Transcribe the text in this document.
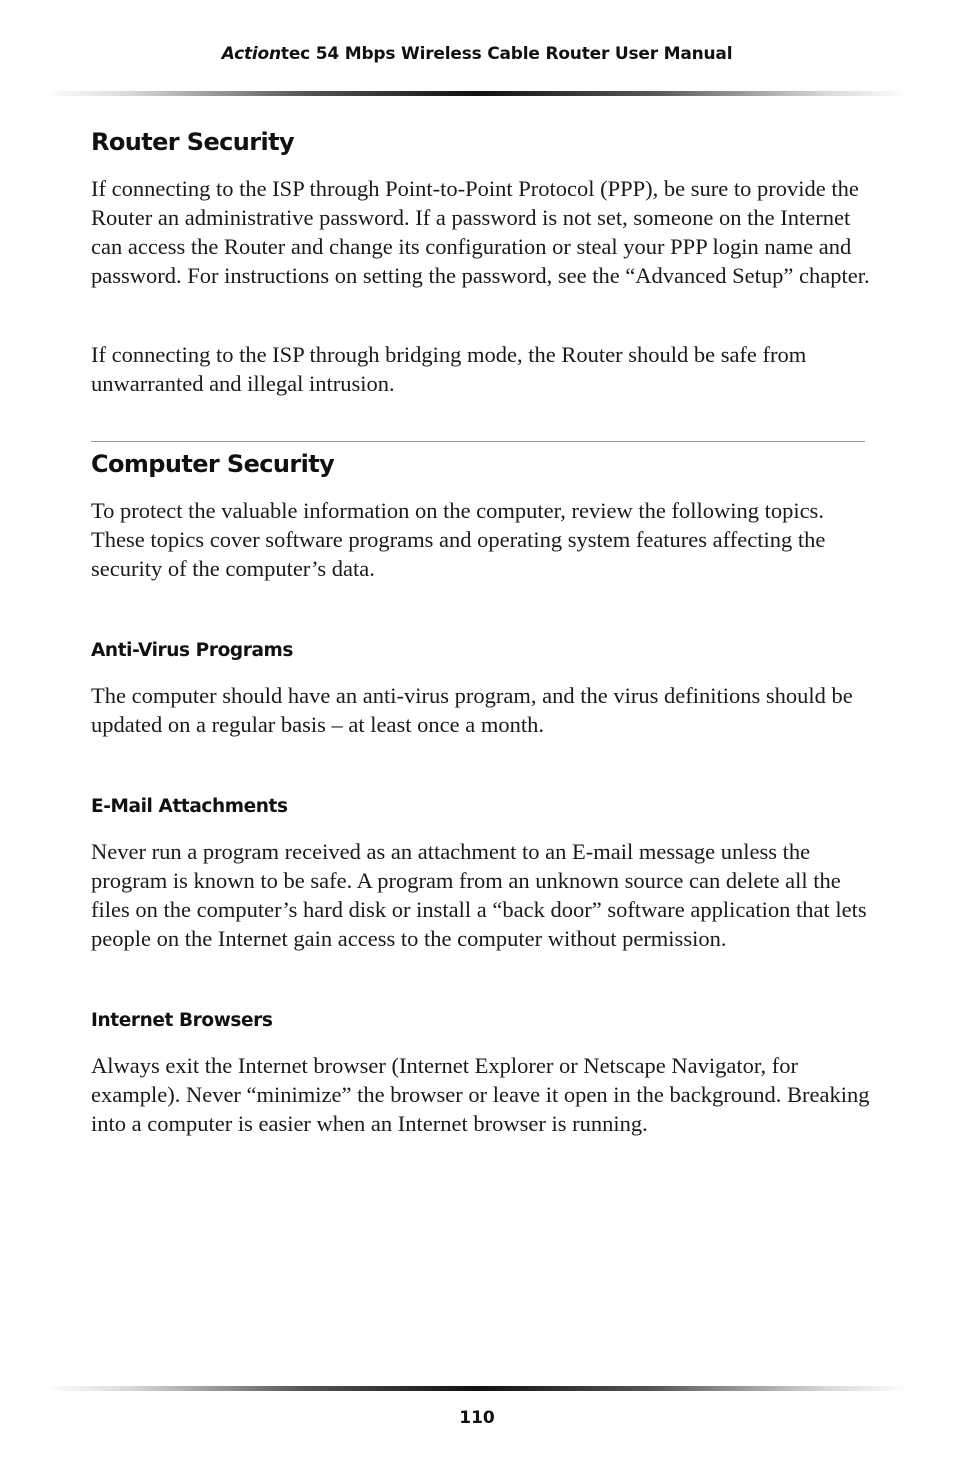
Actiontec 54 Mbps Wireless Cable Router User Manual
Router Security

If connecting to the ISP through Point-to-Point Protocol (PPP), be sure to provide the Router an administrative password. If a password is not set, someone on the Internet can access the Router and change its configuration or steal your PPP login name and password. For instructions on setting the password, see the “Advanced Setup” chapter.

If connecting to the ISP through bridging mode, the Router should be safe from unwarranted and illegal intrusion.

Computer Security

To protect the valuable information on the computer, review the following topics. These topics cover software programs and operating system features affecting the security of the computer’s data.

Anti-Virus Programs

The computer should have an anti-virus program, and the virus definitions should be updated on a regular basis – at least once a month.

E-Mail Attachments

Never run a program received as an attachment to an E-mail message unless the program is known to be safe. A program from an unknown source can delete all the files on the computer’s hard disk or install a “back door” software application that lets people on the Internet gain access to the computer without permission.

Internet Browsers

Always exit the Internet browser (Internet Explorer or Netscape Navigator, for example). Never “minimize” the browser or leave it open in the background. Breaking into a computer is easier when an Internet browser is running.

110
